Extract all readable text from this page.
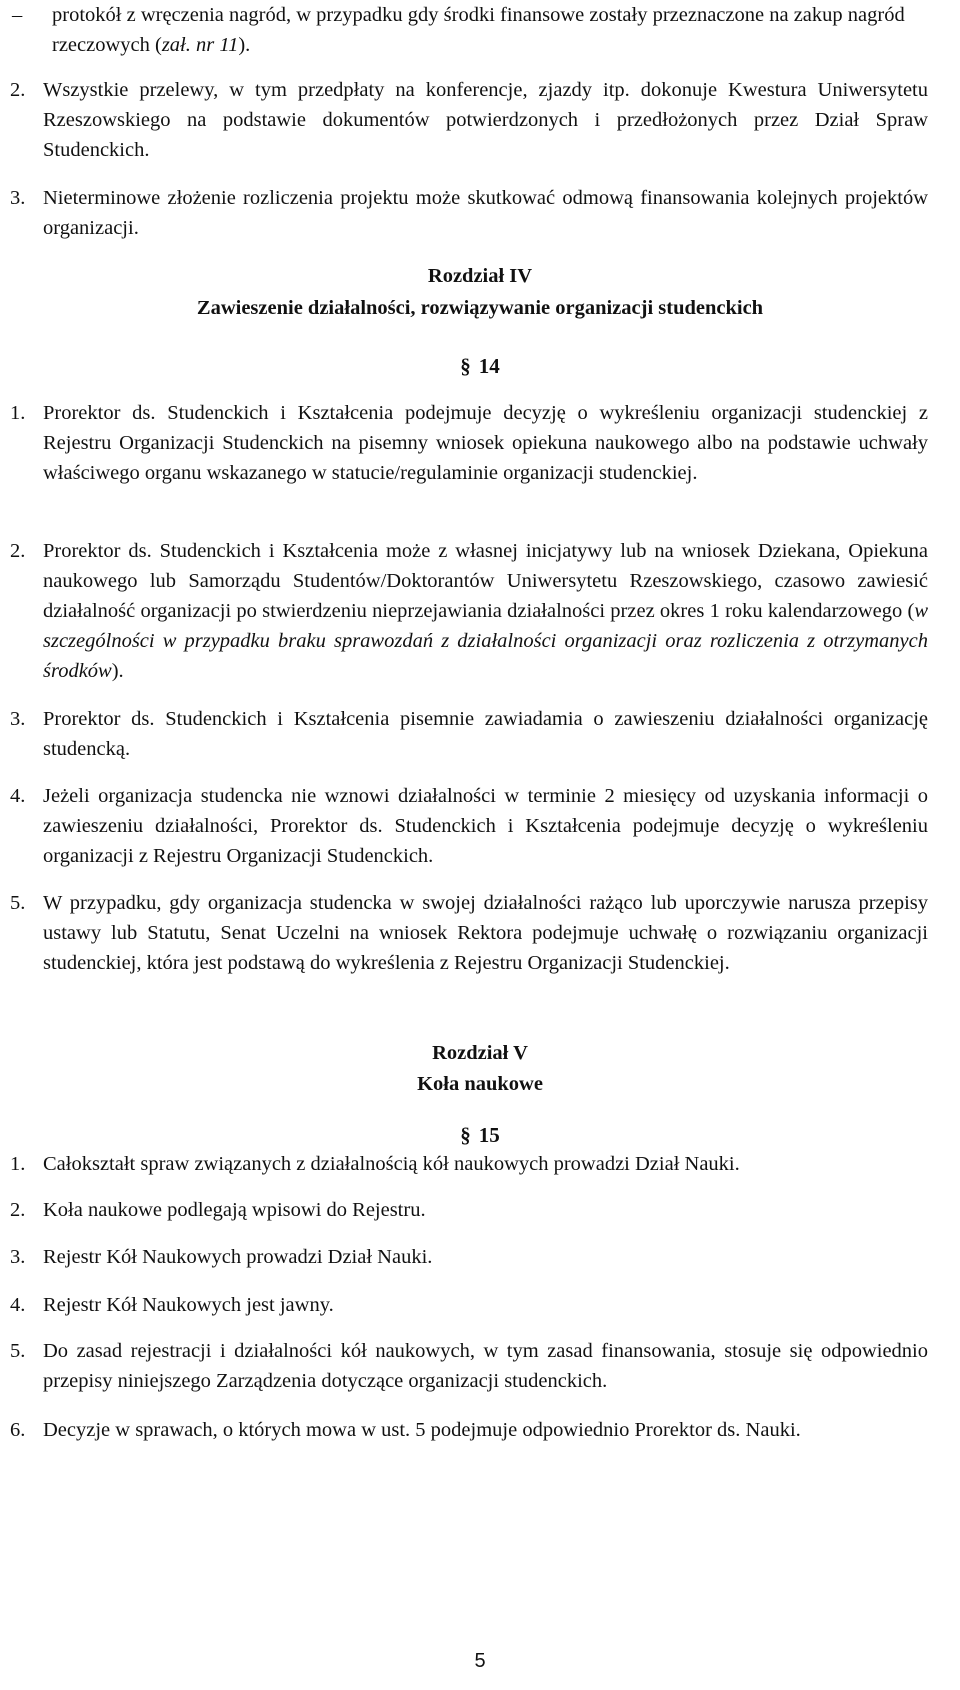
– protokół z wręczenia nagród, w przypadku gdy środki finansowe zostały przeznaczone na zakup nagród rzeczowych (zał. nr 11).

2. Wszystkie przelewy, w tym przedpłaty na konferencje, zjazdy itp. dokonuje Kwestura Uniwersytetu Rzeszowskiego na podstawie dokumentów potwierdzonych i przedłożonych przez Dział Spraw Studenckich.

3. Nieterminowe złożenie rozliczenia projektu może skutkować odmową finansowania kolejnych projektów organizacji.

Rozdział IV

Zawieszenie działalności, rozwiązywanie organizacji studenckich

§ 14

1. Prorektor ds. Studenckich i Kształcenia podejmuje decyzję o wykreśleniu organizacji studenckiej z Rejestru Organizacji Studenckich na pisemny wniosek opiekuna naukowego albo na podstawie uchwały właściwego organu wskazanego w statucie/regulaminie organizacji studenckiej.

2. Prorektor ds. Studenckich i Kształcenia może z własnej inicjatywy lub na wniosek Dziekana, Opiekuna naukowego lub Samorządu Studentów/Doktorantów Uniwersytetu Rzeszowskiego, czasowo zawiesić działalność organizacji po stwierdzeniu nieprzejawiania działalności przez okres 1 roku kalendarzowego (w szczególności w przypadku braku sprawozdań z działalności organizacji oraz rozliczenia z otrzymanych środków).

3. Prorektor ds. Studenckich i Kształcenia pisemnie zawiadamia o zawieszeniu działalności organizację studencką.

4. Jeżeli organizacja studencka nie wznowi działalności w terminie 2 miesięcy od uzyskania informacji o zawieszeniu działalności, Prorektor ds. Studenckich i Kształcenia podejmuje decyzję o wykreśleniu organizacji z Rejestru Organizacji Studenckich.

5. W przypadku, gdy organizacja studencka w swojej działalności rażąco lub uporczywie narusza przepisy ustawy lub Statutu, Senat Uczelni na wniosek Rektora podejmuje uchwałę o rozwiązaniu organizacji studenckiej, która jest podstawą do wykreślenia z Rejestru Organizacji Studenckiej.

Rozdział V

Koła naukowe

§ 15

1. Całokształt spraw związanych z działalnością kół naukowych prowadzi Dział Nauki.

2. Koła naukowe podlegają wpisowi do Rejestru.

3. Rejestr Kół Naukowych prowadzi Dział Nauki.

4. Rejestr Kół Naukowych jest jawny.

5. Do zasad rejestracji i działalności kół naukowych, w tym zasad finansowania, stosuje się odpowiednio przepisy niniejszego Zarządzenia dotyczące organizacji studenckich.

6. Decyzje w sprawach, o których mowa w ust. 5 podejmuje odpowiednio Prorektor ds. Nauki.

5
